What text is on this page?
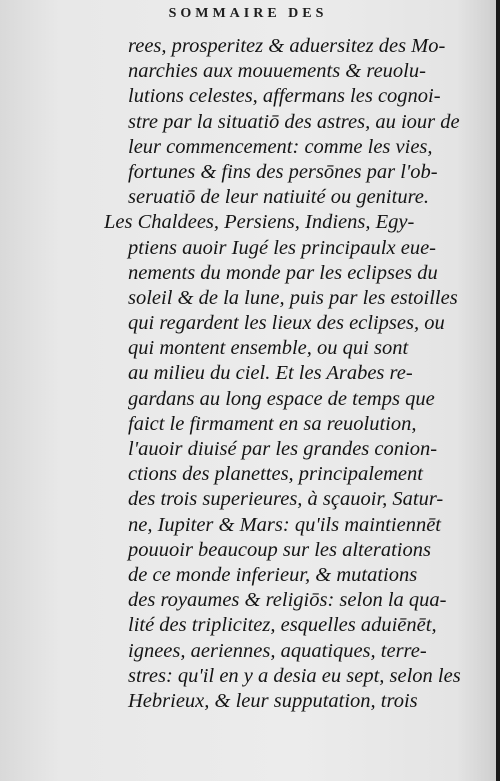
SOMMAIRE DES
rees, prosperitez & aduersitez des Mo-
narchies aux mouuements & reuolu-
lutions celestes, affermans les cognoi-
stre par la situatiō des astres, au iour de
leur commencement: comme les vies,
fortunes & fins des persōnes par l'ob-
seruatiō de leur natiuité ou geniture.
Les Chaldees, Persiens, Indiens, Egy-
ptiens auoir Iugé les principaulx eue-
nements du monde par les eclipses du
soleil & de la lune, puis par les estoilles
qui regardent les lieux des eclipses, ou
qui montent ensemble, ou qui sont
au milieu du ciel. Et les Arabes re-
gardans au long espace de temps que
faict le firmament en sa reuolution,
l'auoir diuisé par les grandes conion-
ctions des planettes, principalement
des trois superieures, à sçauoir, Satur-
ne, Iupiter & Mars: qu'ils maintiennēt
pouuoir beaucoup sur les alterations
de ce monde inferieur, & mutations
des royaumes & religiōs: selon la qua-
lité des triplicitez, esquelles aduiēnēt,
ignees, aeriennes, aquatiques, terre-
stres: qu'il en y a desia eu sept, selon les
Hebrieux, & leur supputation, trois
